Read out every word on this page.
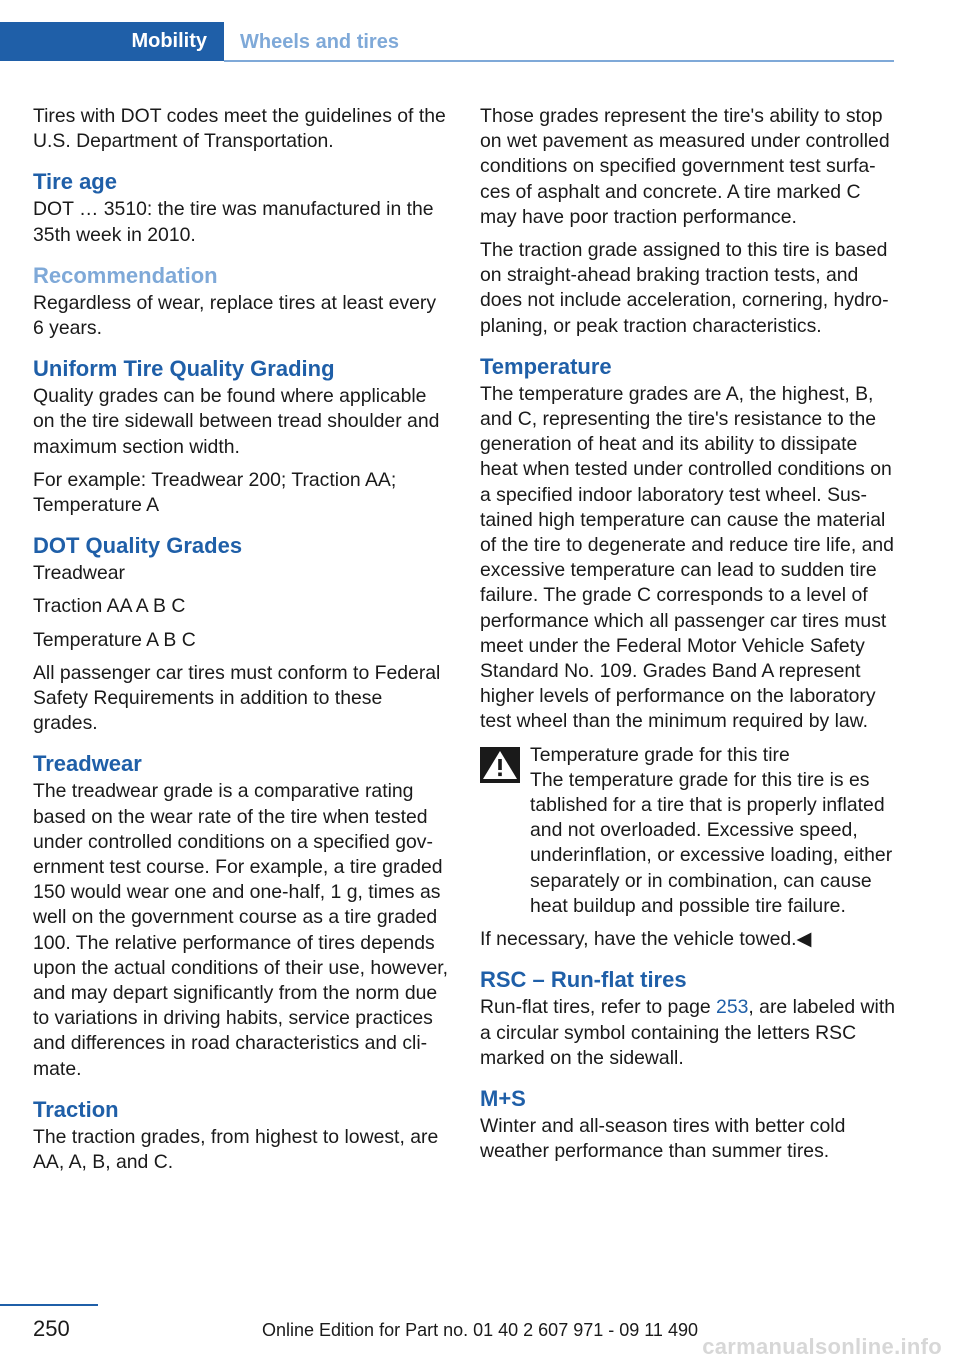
Mobility	Wheels and tires

Tires with DOT codes meet the guidelines of the U.S. Department of Transportation.

Tire age

DOT … 3510: the tire was manufactured in the 35th week in 2010.

Recommendation

Regardless of wear, replace tires at least every 6 years.

Uniform Tire Quality Grading

Quality grades can be found where applicable on the tire sidewall between tread shoulder and maximum section width.

For example: Treadwear 200; Traction AA; Temperature A

DOT Quality Grades

Treadwear

Traction AA A B C

Temperature A B C

All passenger car tires must conform to Federal Safety Requirements in addition to these grades.

Treadwear

The treadwear grade is a comparative rating based on the wear rate of the tire when tested under controlled conditions on a specified government test course. For example, a tire graded 150 would wear one and one-half, 1 g, times as well on the government course as a tire graded 100. The relative performance of tires depends upon the actual conditions of their use, however, and may depart significantly from the norm due to variations in driving habits, service practices and differences in road characteristics and climate.

Traction

The traction grades, from highest to lowest, are AA, A, B, and C.

Those grades represent the tire's ability to stop on wet pavement as measured under controlled conditions on specified government test surfaces of asphalt and concrete. A tire marked C may have poor traction performance.

The traction grade assigned to this tire is based on straight-ahead braking traction tests, and does not include acceleration, cornering, hydroplaning, or peak traction characteristics.

Temperature

The temperature grades are A, the highest, B, and C, representing the tire's resistance to the generation of heat and its ability to dissipate heat when tested under controlled conditions on a specified indoor laboratory test wheel. Sustained high temperature can cause the material of the tire to degenerate and reduce tire life, and excessive temperature can lead to sudden tire failure. The grade C corresponds to a level of performance which all passenger car tires must meet under the Federal Motor Vehicle Safety Standard No. 109. Grades Band A represent higher levels of performance on the laboratory test wheel than the minimum required by law.

Temperature grade for this tire

The temperature grade for this tire is es

tablished for a tire that is properly inflated and not overloaded. Excessive speed, underinflation, or excessive loading, either separately or in combination, can cause heat buildup and possible tire failure.

If necessary, have the vehicle towed.◀

RSC – Run-flat tires

Run-flat tires, refer to page 253, are labeled with a circular symbol containing the letters RSC marked on the sidewall.

M+S

Winter and all-season tires with better cold weather performance than summer tires.

250	Online Edition for Part no. 01 40 2 607 971 - 09 11 490
carmanualsonline.info
